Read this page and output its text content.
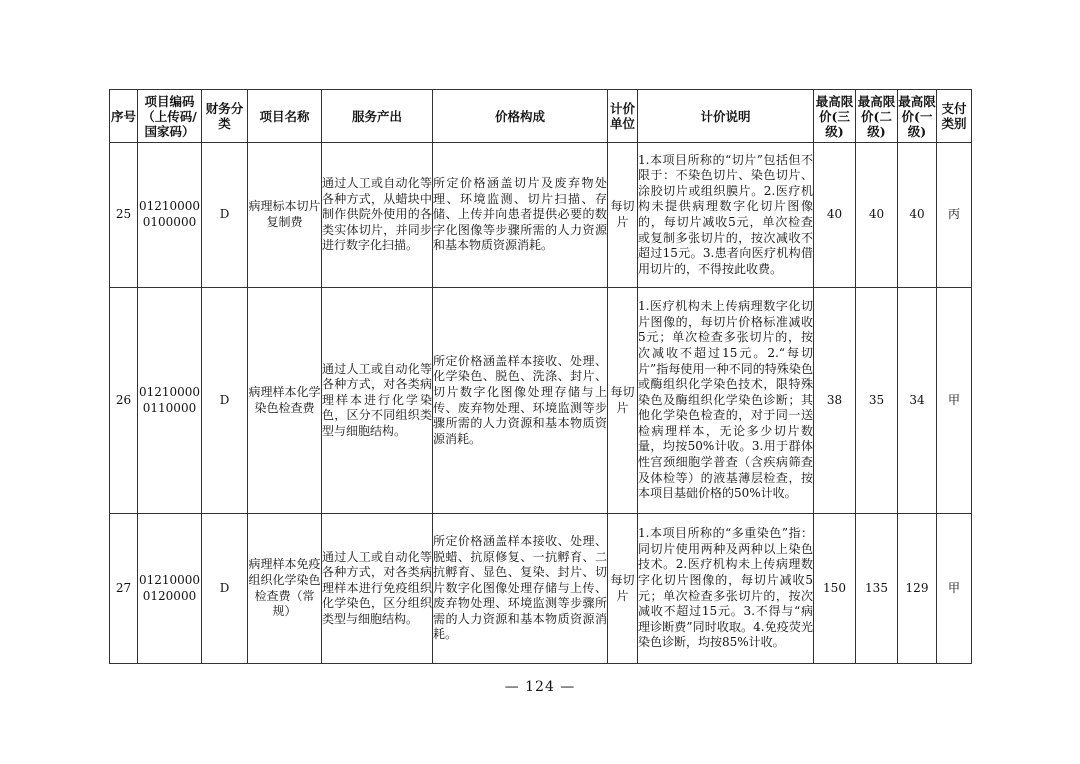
序号	项目编码（上传码/国家码）	财务分类	项目名称	服务产出	价格构成	计价单位	计价说明	最高限价(三级)	最高限价(二级)	最高限价(一级)	支付类别
25	012100000100000	D	病理标本切片复制费	通过人工或自动化等各种方式，从蜡块中制作供院外使用的各类实体切片，并同步进行数字化扫描。	所定价格涵盖切片及废弃物处理、环境监测、切片扫描、存储、上传并向患者提供必要的数字化图像等步骤所需的人力资源和基本物质资源消耗。	每切片	1.本项目所称的“切片”包括但不限于：不染色切片、染色切片、涂胶切片或组织膜片。2.医疗机构未提供病理数字化切片图像的，每切片减收5元，单次检查或复制多张切片的，按次减收不超过15元。3.患者向医疗机构借用切片的，不得按此收费。	40	40	40	丙
26	012100000110000	D	病理样本化学染色检查费	通过人工或自动化等各种方式，对各类病理样本进行化学染色，区分不同组织类型与细胞结构。	所定价格涵盖样本接收、处理、化学染色、脱色、洗涤、封片、切片数字化图像处理存储与上传、废弃物处理、环境监测等步骤所需的人力资源和基本物质资源消耗。	每切片	1.医疗机构未上传病理数字化切片图像的，每切片价格标准减收5元；单次检查多张切片的，按次减收不超过15元。2.“每切片”指每使用一种不同的特殊染色或酶组织化学染色技术，限特殊染色及酶组织化学染色诊断；其他化学染色检查的，对于同一送检病理样本，无论多少切片数量，均按50%计收。3.用于群体性宫颈细胞学普查（含疾病筛查及体检等）的液基薄层检查，按本项目基础价格的50%计收。	38	35	34	甲
27	012100000120000	D	病理样本免疫组织化学染色检查费（常规）	通过人工或自动化等各种方式，对各类病理样本进行免疫组织化学染色，区分组织类型与细胞结构。	所定价格涵盖样本接收、处理、脱蜡、抗原修复、一抗孵育、二抗孵育、显色、复染、封片、切片数字化图像处理存储与上传、废弃物处理、环境监测等步骤所需的人力资源和基本物质资源消耗。	每切片	1.本项目所称的“多重染色”指：同切片使用两种及两种以上染色技术。2.医疗机构未上传病理数字化切片图像的，每切片减收5元；单次检查多张切片的，按次减收不超过15元。3.不得与“病理诊断费”同时收取。4.免疫荧光染色诊断，均按85%计收。	150	135	129	甲
— 124 —
